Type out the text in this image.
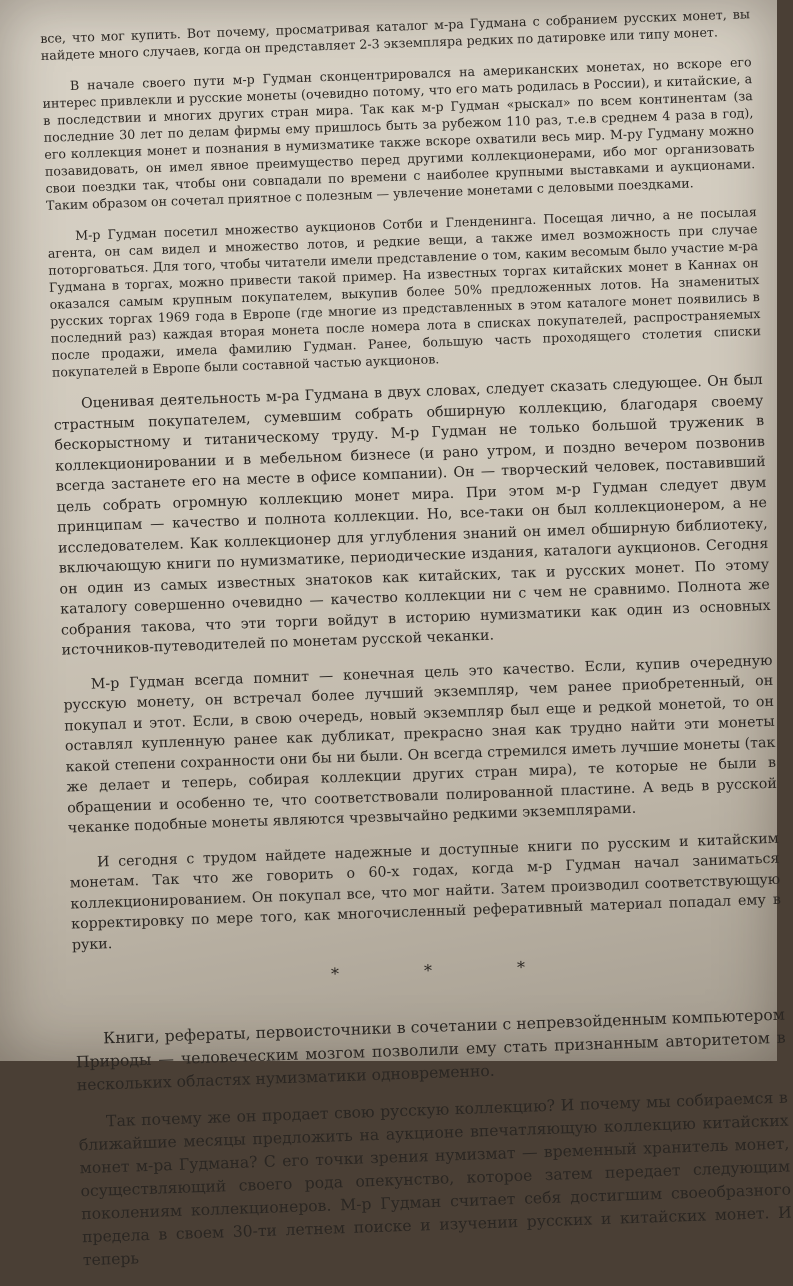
все, что мог купить. Вот почему, просматривая каталог м-ра Гудмана с собранием русских монет, вы найдете много случаев, когда он представляет 2-3 экземпляра редких по датировке или типу монет.

В начале своего пути м-р Гудман сконцентрировался на американских монетах, но вскоре его интерес привлекли и русские монеты (очевидно потому, что его мать родилась в России), и китайские, а в последствии и многих других стран мира. Так как м-р Гудман «рыскал» по всем континентам (за последние 30 лет по делам фирмы ему пришлось быть за рубежом 110 раз, т.е.в среднем 4 раза в год), его коллекция монет и познания в нумизматике также вскоре охватили весь мир. М-ру Гудману можно позавидовать, он имел явное преимущество перед другими коллекционерами, ибо мог организовать свои поездки так, чтобы они совпадали по времени с наиболее крупными выставками и аукционами. Таким образом он сочетал приятное с полезным — увлечение монетами с деловыми поездками.

М-р Гудман посетил множество аукционов Сотби и Гленденинга. Посещая лично, а не посылая агента, он сам видел и множество лотов, и редкие вещи, а также имел возможность при случае поторговаться. Для того, чтобы читатели имели представление о том, каким весомым было участие м-ра Гудмана в торгах, можно привести такой пример. На известных торгах китайских монет в Каннах он оказался самым крупным покупателем, выкупив более 50% предложенных лотов. На знаменитых русских торгах 1969 года в Европе (где многие из представленных в этом каталоге монет появились в последний раз) каждая вторая монета после номера лота в списках покупателей, распространяемых после продажи, имела фамилию Гудман. Ранее, большую часть проходящего столетия списки покупателей в Европе были составной частью аукционов.

Оценивая деятельность м-ра Гудмана в двух словах, следует сказать следующее. Он был страстным покупателем, сумевшим собрать обширную коллекцию, благодаря своему бескорыстному и титаническому труду. М-р Гудман не только большой труженик в коллекционировании и в мебельном бизнесе (и рано утром, и поздно вечером позвонив всегда застанете его на месте в офисе компании). Он — творческий человек, поставивший цель собрать огромную коллекцию монет мира. При этом м-р Гудман следует двум принципам — качество и полнота коллекции. Но, все-таки он был коллекционером, а не исследователем. Как коллекционер для углубления знаний он имел обширную библиотеку, включающую книги по нумизматике, периодические издания, каталоги аукционов. Сегодня он один из самых известных знатоков как китайских, так и русских монет. По этому каталогу совершенно очевидно — качество коллекции ни с чем не сравнимо. Полнота же собрания такова, что эти торги войдут в историю нумизматики как один из основных источников-путеводителей по монетам русской чеканки.

М-р Гудман всегда помнит — конечная цель это качество. Если, купив очередную русскую монету, он встречал более лучший экземпляр, чем ранее приобретенный, он покупал и этот. Если, в свою очередь, новый экземпляр был еще и редкой монетой, то он оставлял купленную ранее как дубликат, прекрасно зная как трудно найти эти монеты какой степени сохранности они бы ни были. Он всегда стремился иметь лучшие монеты (так же делает и теперь, собирая коллекции других стран мира), те которые не были в обращении и особенно те, что соответствовали полированной пластине. А ведь в русской чеканке подобные монеты являются чрезвычайно редкими экземплярами.

И сегодня с трудом найдете надежные и доступные книги по русским и китайским монетам. Так что же говорить о 60-х годах, когда м-р Гудман начал заниматься коллекционированием. Он покупал все, что мог найти. Затем производил соответствующую корректировку по мере того, как многочисленный реферативный материал попадал ему в руки.

* * *

Книги, рефераты, первоисточники в сочетании с непревзойденным компьютером Природы — человеческим мозгом позволили ему стать признанным авторитетом в нескольких областях нумизматики одновременно.

Так почему же он продает свою русскую коллекцию? И почему мы собираемся в ближайшие месяцы предложить на аукционе впечатляющую коллекцию китайских монет м-ра Гудмана? С его точки зрения нумизмат — временный хранитель монет, осуществляющий своего рода опекунство, которое затем передает следующим поколениям коллекционеров. М-р Гудман считает себя достигшим своеобразного предела в своем 30-ти летнем поиске и изучении русских и китайских монет. И теперь
